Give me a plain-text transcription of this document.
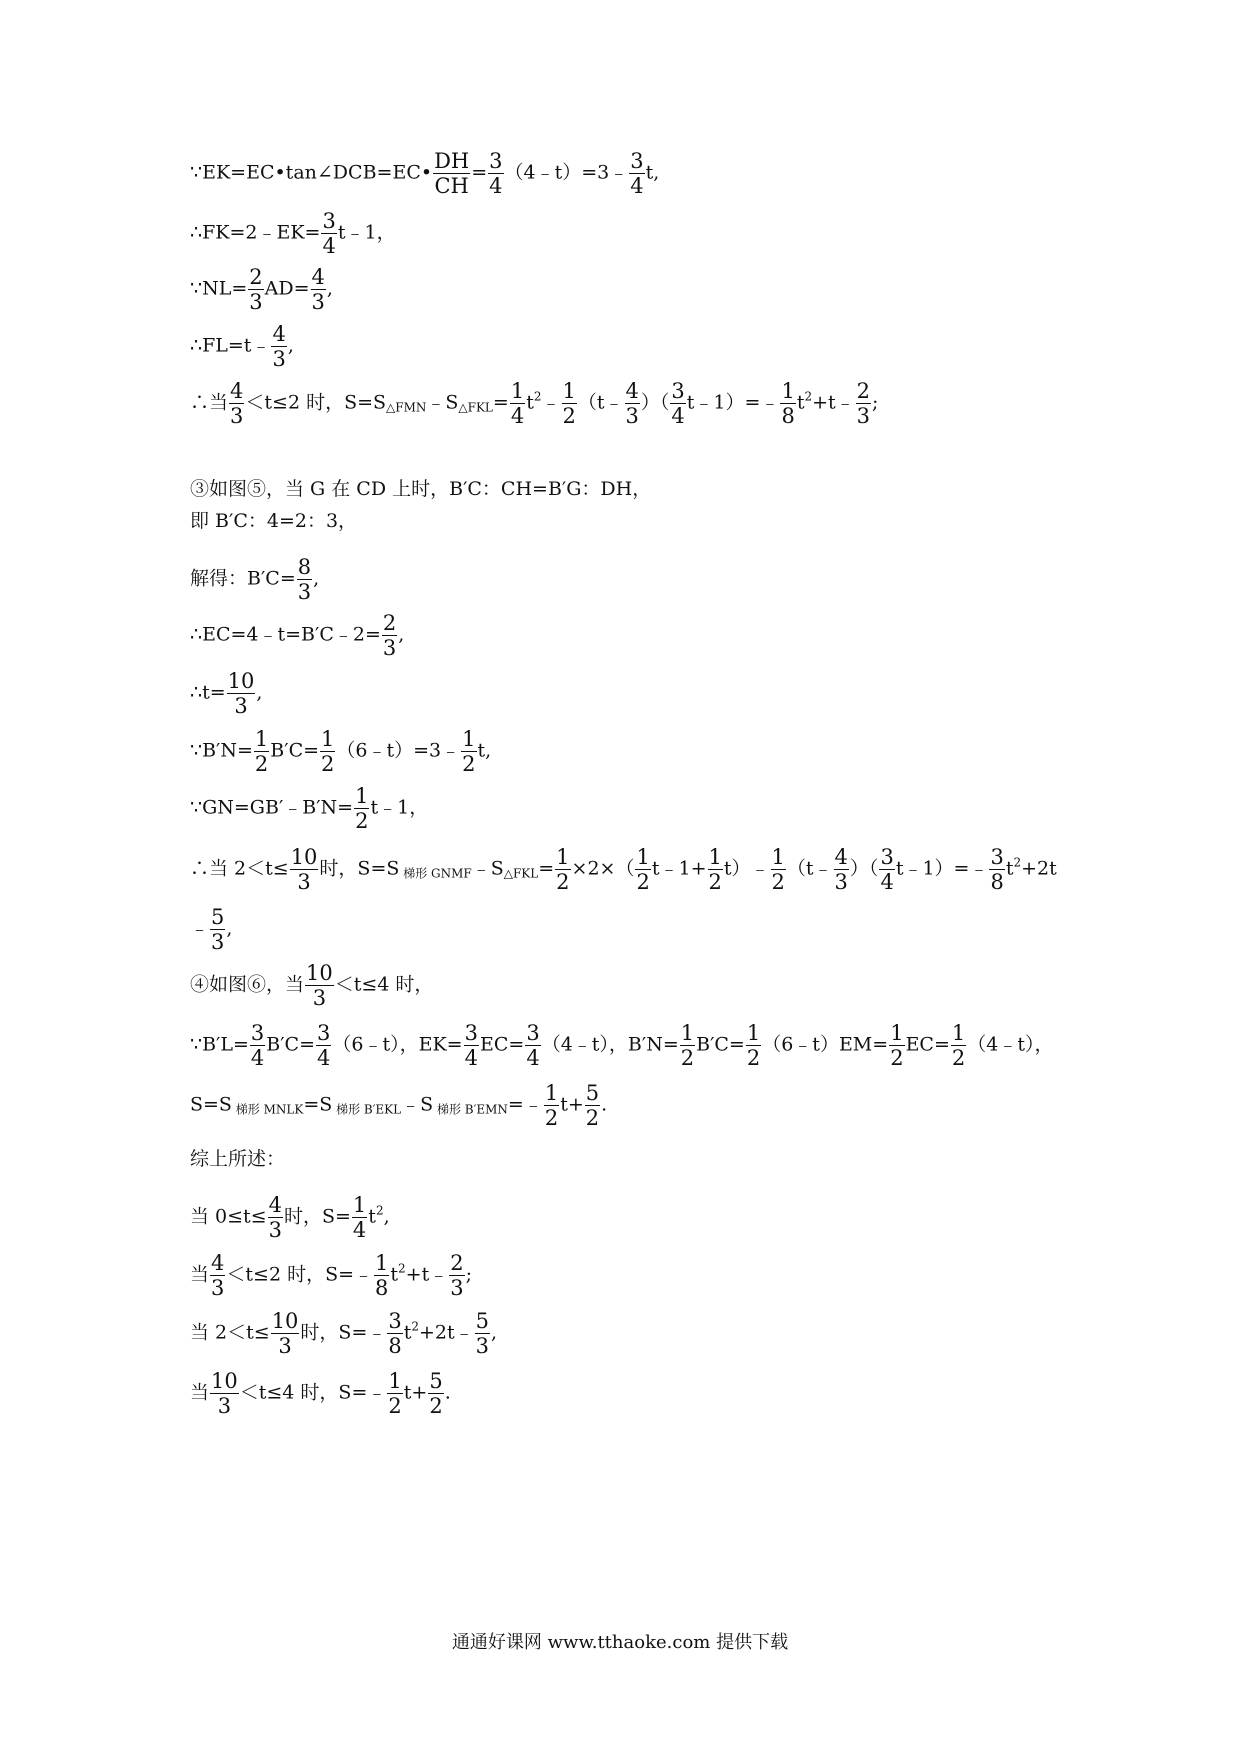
∵EK=EC•tan∠DCB=EC• $\frac{DH}{CH} = \frac{3}{4}$ （4﹣t）=3﹣ $\frac{3}{4} t$,
∴FK=2﹣EK= $\frac{3}{4}$ t﹣1，
∵NL= $\frac{2}{3} AD= \frac{4}{3}$ ,
∴FL=t﹣ $\frac{4}{3}$ ,
∴当 $\frac{4}{3} <t\le 2$ 时，$S=S_{\triangle FMN}﹣S_{\triangle FKL}= \frac{1}{4}$ $t^2﹣ \frac{1}{2}$ （t﹣ $\frac{4}{3}$ ）（ $\frac{3}{4}$ t﹣1）=﹣ $\frac{1}{8}$ $t^2+t﹣ \frac{2}{3}$ ;
③如图⑤，当 G 在 CD 上时，B′C：CH=B′G：DH，
即 B′C：4=2：3，
解得：$B'C= \frac{8}{3}$ ,
∴EC=4﹣t=B′C﹣2= $\frac{2}{3}$ ,
∴t= $\frac{10}{3}$ ,
∵B′N= $\frac{1}{2} B'C= \frac{1}{2}$ （6﹣t）=3﹣ $\frac{1}{2} t$,
∵GN=GB′﹣B′N= $\frac{1}{2}$ t﹣1，
∴当 $2<t\le \frac{10}{3}$ 时，S=S $_{梯形 GNMF}﹣S_{\triangle FKL}= \frac{1}{2} \times 2\times( \frac{1}{2}$ t﹣1+ $\frac{1}{2}$ t）﹣ $\frac{1}{2}$ （t﹣ $\frac{4}{3}$ ）（ $\frac{3}{4}$ t﹣1）=﹣ $\frac{3}{8} t^2+2t$
﹣ $\frac{5}{3}$ ,
④如图⑥，当 $\frac{10}{3} <t\le 4$ 时，
∵B′L= $\frac{3}{4} B'C= \frac{3}{4}$ （6﹣t），$EK= \frac{3}{4} EC= \frac{3}{4}$ （4﹣t），$B'N= \frac{1}{2} B'C= \frac{1}{2}$ （6﹣t）EM= $\frac{1}{2} EC= \frac{1}{2}$ （4﹣t），
S=S $_{梯形 MNLK}$=S $_{梯形 B'EKL}$﹣S $_{梯形 B'EMN}$=﹣ $\frac{1}{2} t+ \frac{5}{2}$ .
综上所述：
当 $0\le t\le \frac{4}{3}$ 时，$S= \frac{1}{4} t^2$,
当 $\frac{4}{3} <t\le 2$ 时，S=﹣ $\frac{1}{8}$ $t^2+t﹣ \frac{2}{3}$ ;
当 $2<t\le \frac{10}{3}$ 时，S=﹣ $\frac{3}{8}$ $t^2+2t﹣ \frac{5}{3}$ ,
当 $\frac{10}{3} <t\le 4$ 时，S=﹣ $\frac{1}{2} t+ \frac{5}{2}$ .
通通好课网 www.tthaoke.com 提供下载
